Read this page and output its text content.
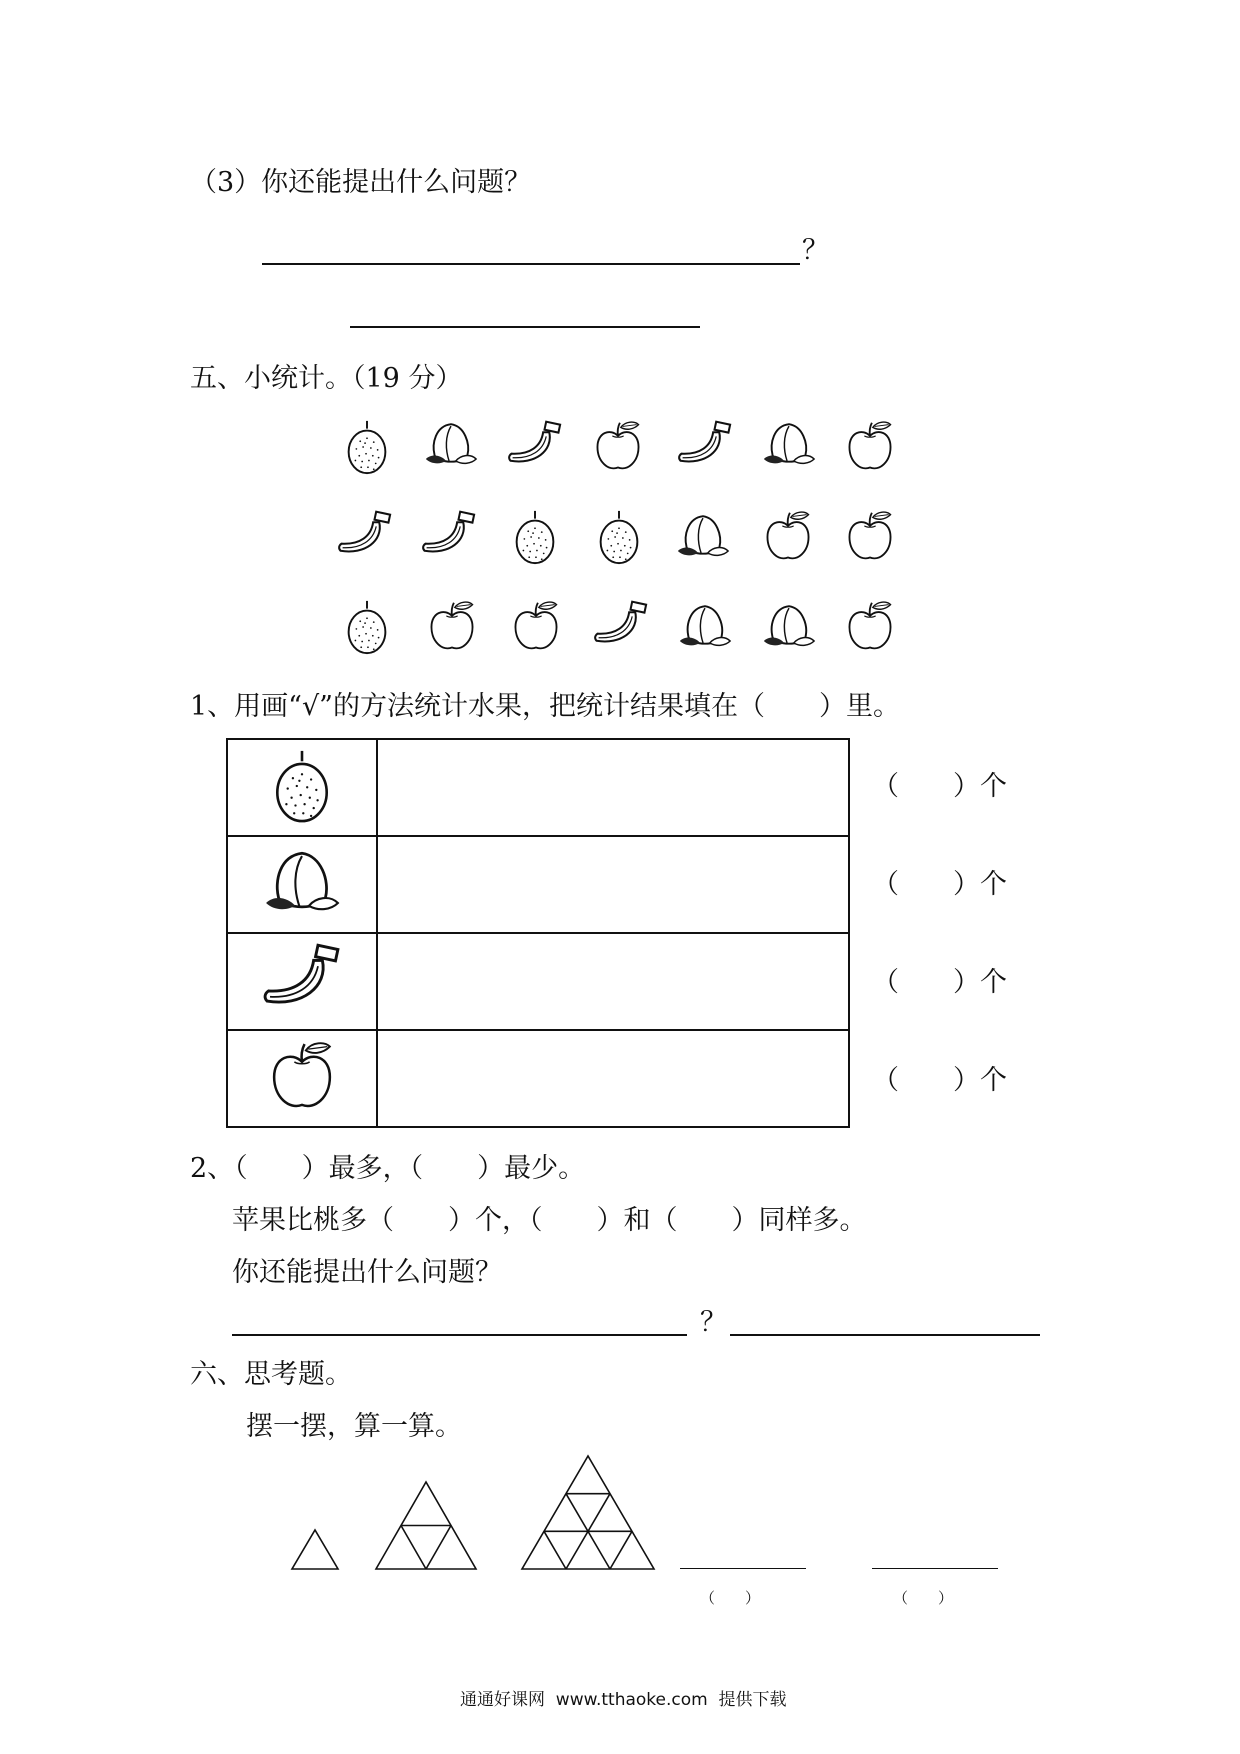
（3）你还能提出什么问题？
？
五、小统计。（19 分）
1、用画“√”的方法统计水果，把统计结果填在（　　）里。

（　　）个
（　　）个
（　　）个
（　　）个
2、（　　）最多，（　　）最少。
苹果比桃多（　　）个，（　　）和（　　）同样多。
你还能提出什么问题？
？
六、思考题。
摆一摆，算一算。
（　　）	（　　）
通通好课网  www.tthaoke.com  提供下载
